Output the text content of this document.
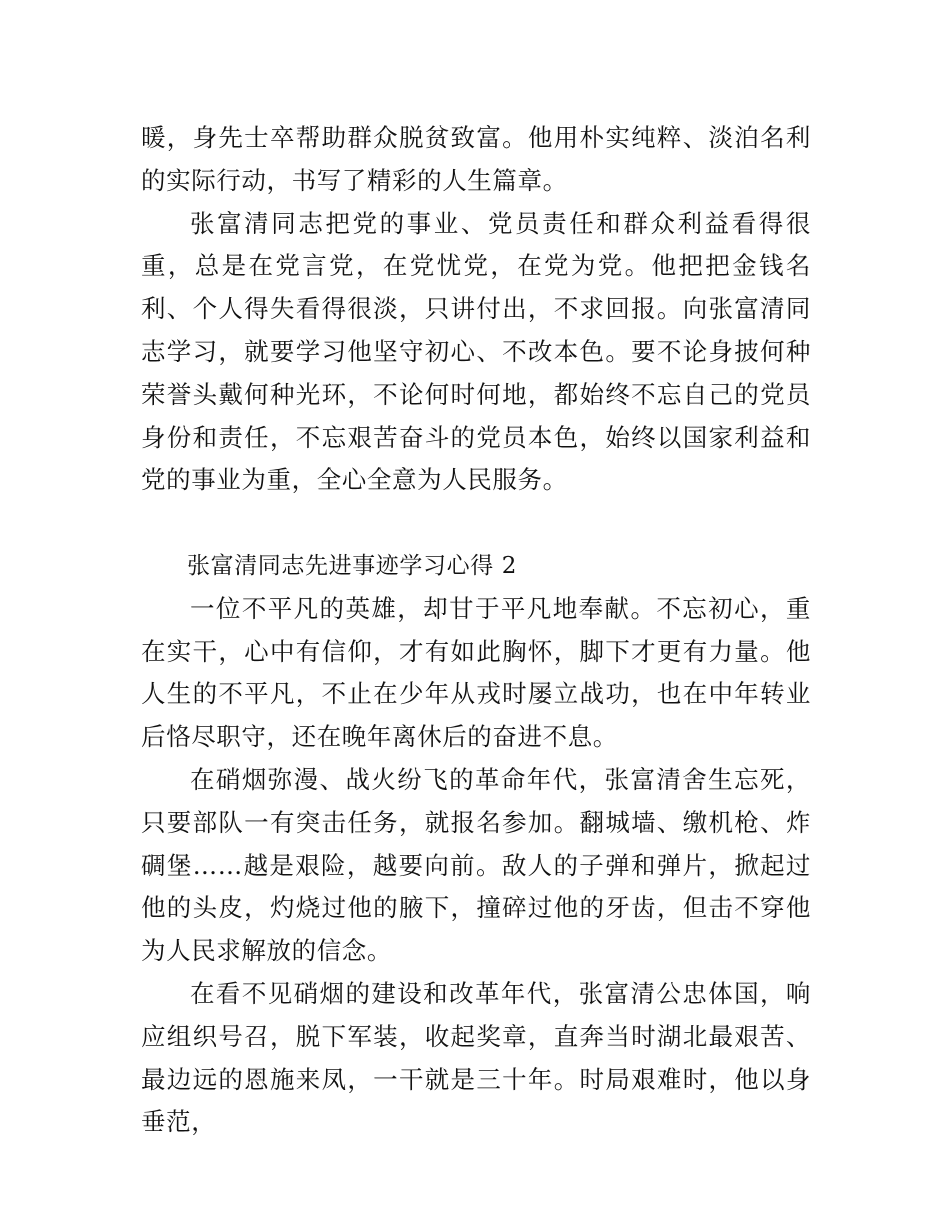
暖，身先士卒帮助群众脱贫致富。他用朴实纯粹、淡泊名利的实际行动，书写了精彩的人生篇章。

张富清同志把党的事业、党员责任和群众利益看得很重，总是在党言党，在党忧党，在党为党。他把把金钱名利、个人得失看得很淡，只讲付出，不求回报。向张富清同志学习，就要学习他坚守初心、不改本色。要不论身披何种荣誉头戴何种光环，不论何时何地，都始终不忘自己的党员身份和责任，不忘艰苦奋斗的党员本色，始终以国家利益和党的事业为重，全心全意为人民服务。

张富清同志先进事迹学习心得 2

一位不平凡的英雄，却甘于平凡地奉献。不忘初心，重在实干，心中有信仰，才有如此胸怀，脚下才更有力量。他人生的不平凡，不止在少年从戎时屡立战功，也在中年转业后恪尽职守，还在晚年离休后的奋进不息。

在硝烟弥漫、战火纷飞的革命年代，张富清舍生忘死，只要部队一有突击任务，就报名参加。翻城墙、缴机枪、炸碉堡……越是艰险，越要向前。敌人的子弹和弹片，掀起过他的头皮，灼烧过他的腋下，撞碎过他的牙齿，但击不穿他为人民求解放的信念。

在看不见硝烟的建设和改革年代，张富清公忠体国，响应组织号召，脱下军装，收起奖章，直奔当时湖北最艰苦、最边远的恩施来凤，一干就是三十年。时局艰难时，他以身垂范，
